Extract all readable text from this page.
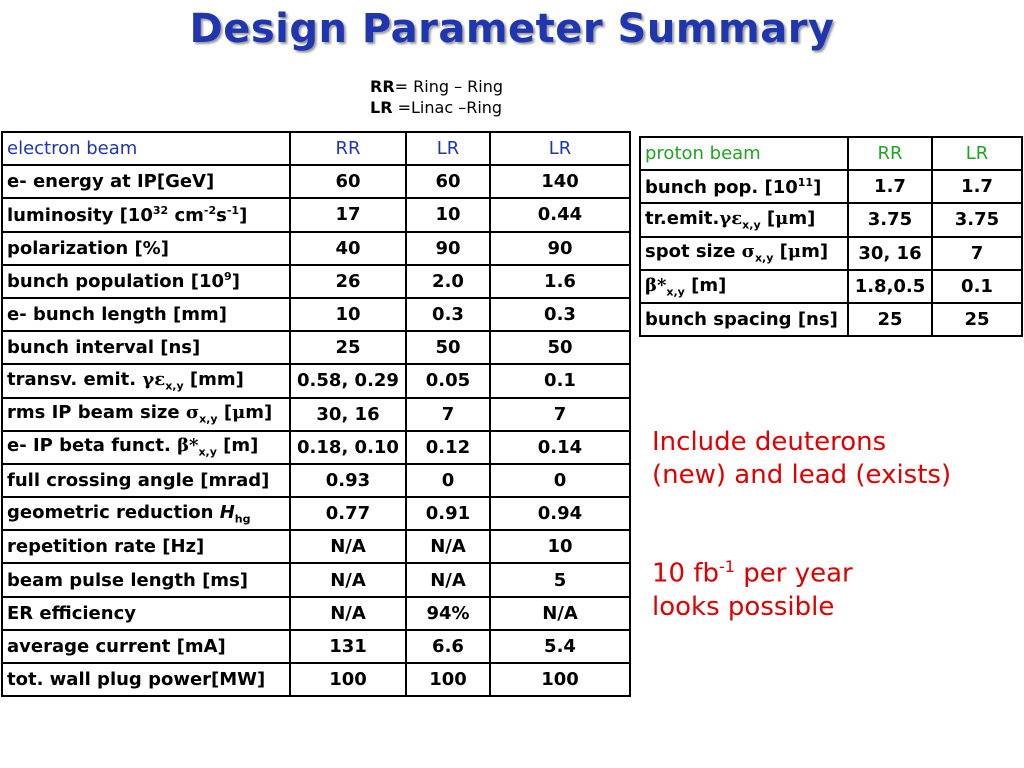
Design Parameter Summary
RR= Ring – Ring
LR =Linac –Ring
electron beam	RR	LR	LR
e- energy at IP[GeV]	60	60	140
luminosity [$10^{32}$ $cm^{-2}s^{-1}$]	17	10	0.44
polarization [%]	40	90	90
bunch population $[10^9]$	26	2.0	1.6
e- bunch length [mm]	10	0.3	0.3
bunch interval [ns]	25	50	50
transv. emit. $\gamma\varepsilon_{x,y}$ [mm]	0.58, 0.29	0.05	0.1
rms IP beam size $\sigma_{x,y}$ [μm]	30, 16	7	7
e- IP beta funct. $\beta*_{x,y}$ [m]	0.18, 0.10	0.12	0.14
full crossing angle [mrad]	0.93	0	0
geometric reduction $H_{hg}$	0.77	0.91	0.94
repetition rate [Hz]	N/A	N/A	10
beam pulse length [ms]	N/A	N/A	5
ER efficiency	N/A	94%	N/A
average current [mA]	131	6.6	5.4
tot. wall plug power[MW]	100	100	100
proton beam	RR	LR
bunch pop. $[10^{11}]$	1.7	1.7
$tr.emit.\gamma\varepsilon_{x,y}$ [μm]	3.75	3.75
spot size $\sigma_{x,y}$ [μm]	30, 16	7
$\beta*_{x,y}$ [m]	1.8,0.5	0.1
bunch spacing [ns]	25	25
Include deuterons
(new) and lead (exists)
10 $fb^{-1}$ per year
looks possible
